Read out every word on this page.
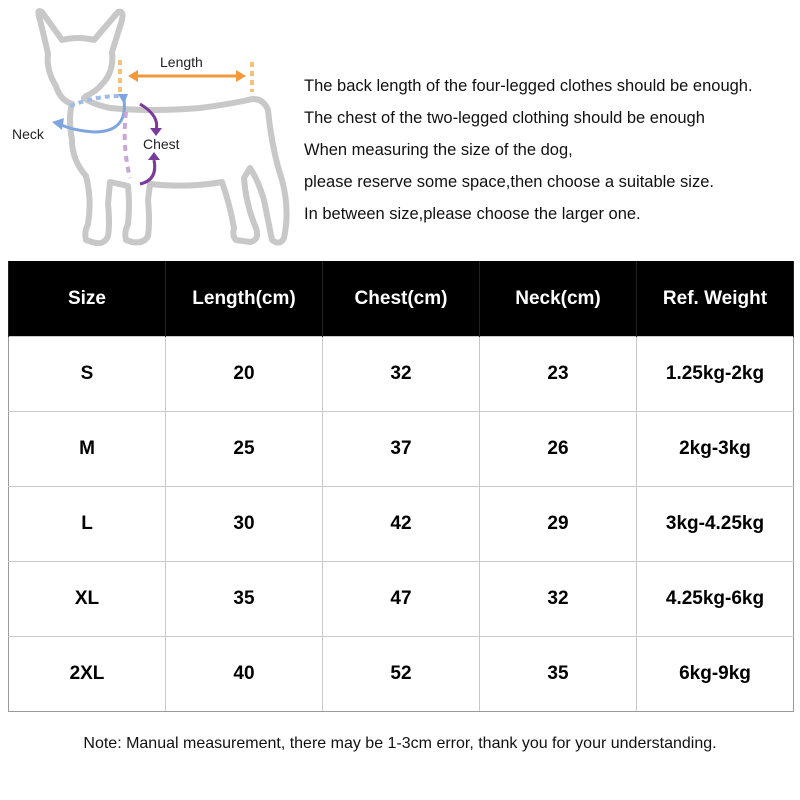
Length
Neck
Chest
The back length of the four-legged clothes should be enough.
The chest of the two-legged clothing should be enough
When measuring the size of the dog,
please reserve some space,then choose a suitable size.
In between size,please choose the larger one.
Size	Length(cm)	Chest(cm)	Neck(cm)	Ref. Weight
S	20	32	23	1.25kg-2kg
M	25	37	26	2kg-3kg
L	30	42	29	3kg-4.25kg
XL	35	47	32	4.25kg-6kg
2XL	40	52	35	6kg-9kg
Note: Manual measurement, there may be 1-3cm error, thank you for your understanding.
